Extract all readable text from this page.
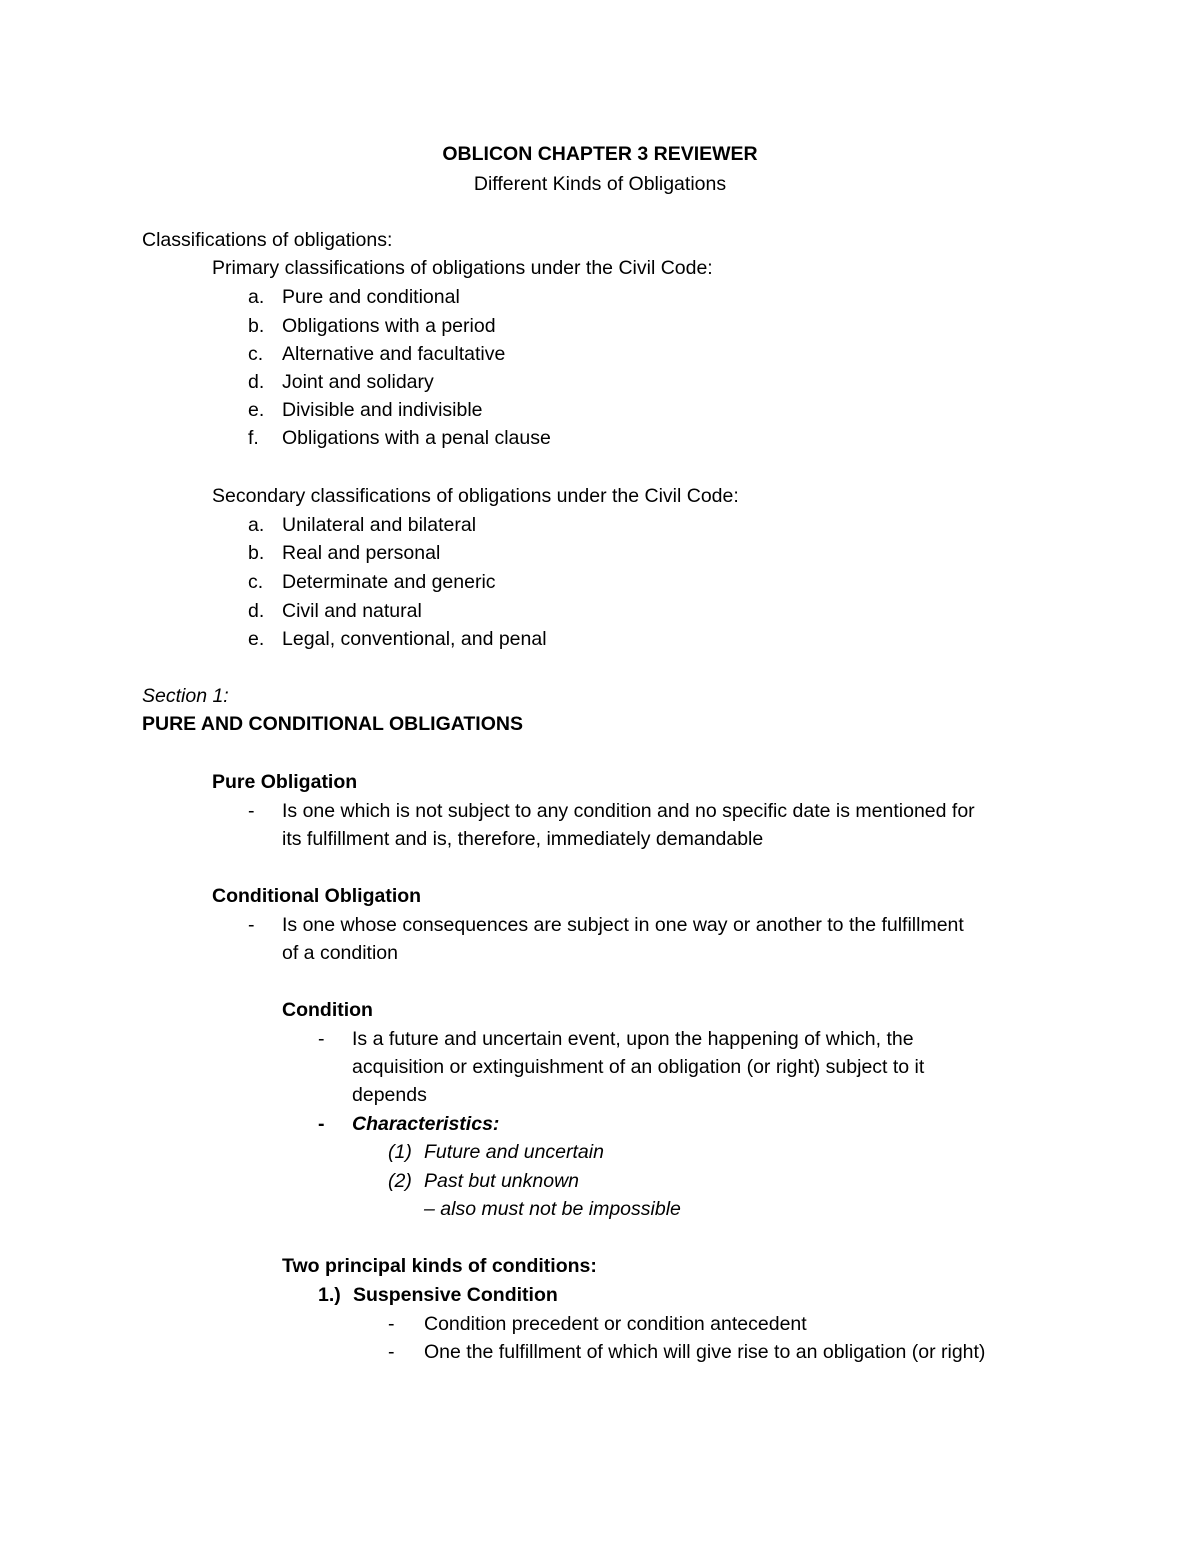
OBLICON CHAPTER 3 REVIEWER
Different Kinds of Obligations
Classifications of obligations:
Primary classifications of obligations under the Civil Code:
a. Pure and conditional
b. Obligations with a period
c. Alternative and facultative
d. Joint and solidary
e. Divisible and indivisible
f. Obligations with a penal clause
Secondary classifications of obligations under the Civil Code:
a. Unilateral and bilateral
b. Real and personal
c. Determinate and generic
d. Civil and natural
e. Legal, conventional, and penal
Section 1:
PURE AND CONDITIONAL OBLIGATIONS
Pure Obligation
- Is one which is not subject to any condition and no specific date is mentioned for
its fulfillment and is, therefore, immediately demandable
Conditional Obligation
- Is one whose consequences are subject in one way or another to the fulfillment
of a condition
Condition
- Is a future and uncertain event, upon the happening of which, the
acquisition or extinguishment of an obligation (or right) subject to it
depends
- Characteristics:
(1) Future and uncertain
(2) Past but unknown
– also must not be impossible
Two principal kinds of conditions:
1.) Suspensive Condition
- Condition precedent or condition antecedent
- One the fulfillment of which will give rise to an obligation (or right)
